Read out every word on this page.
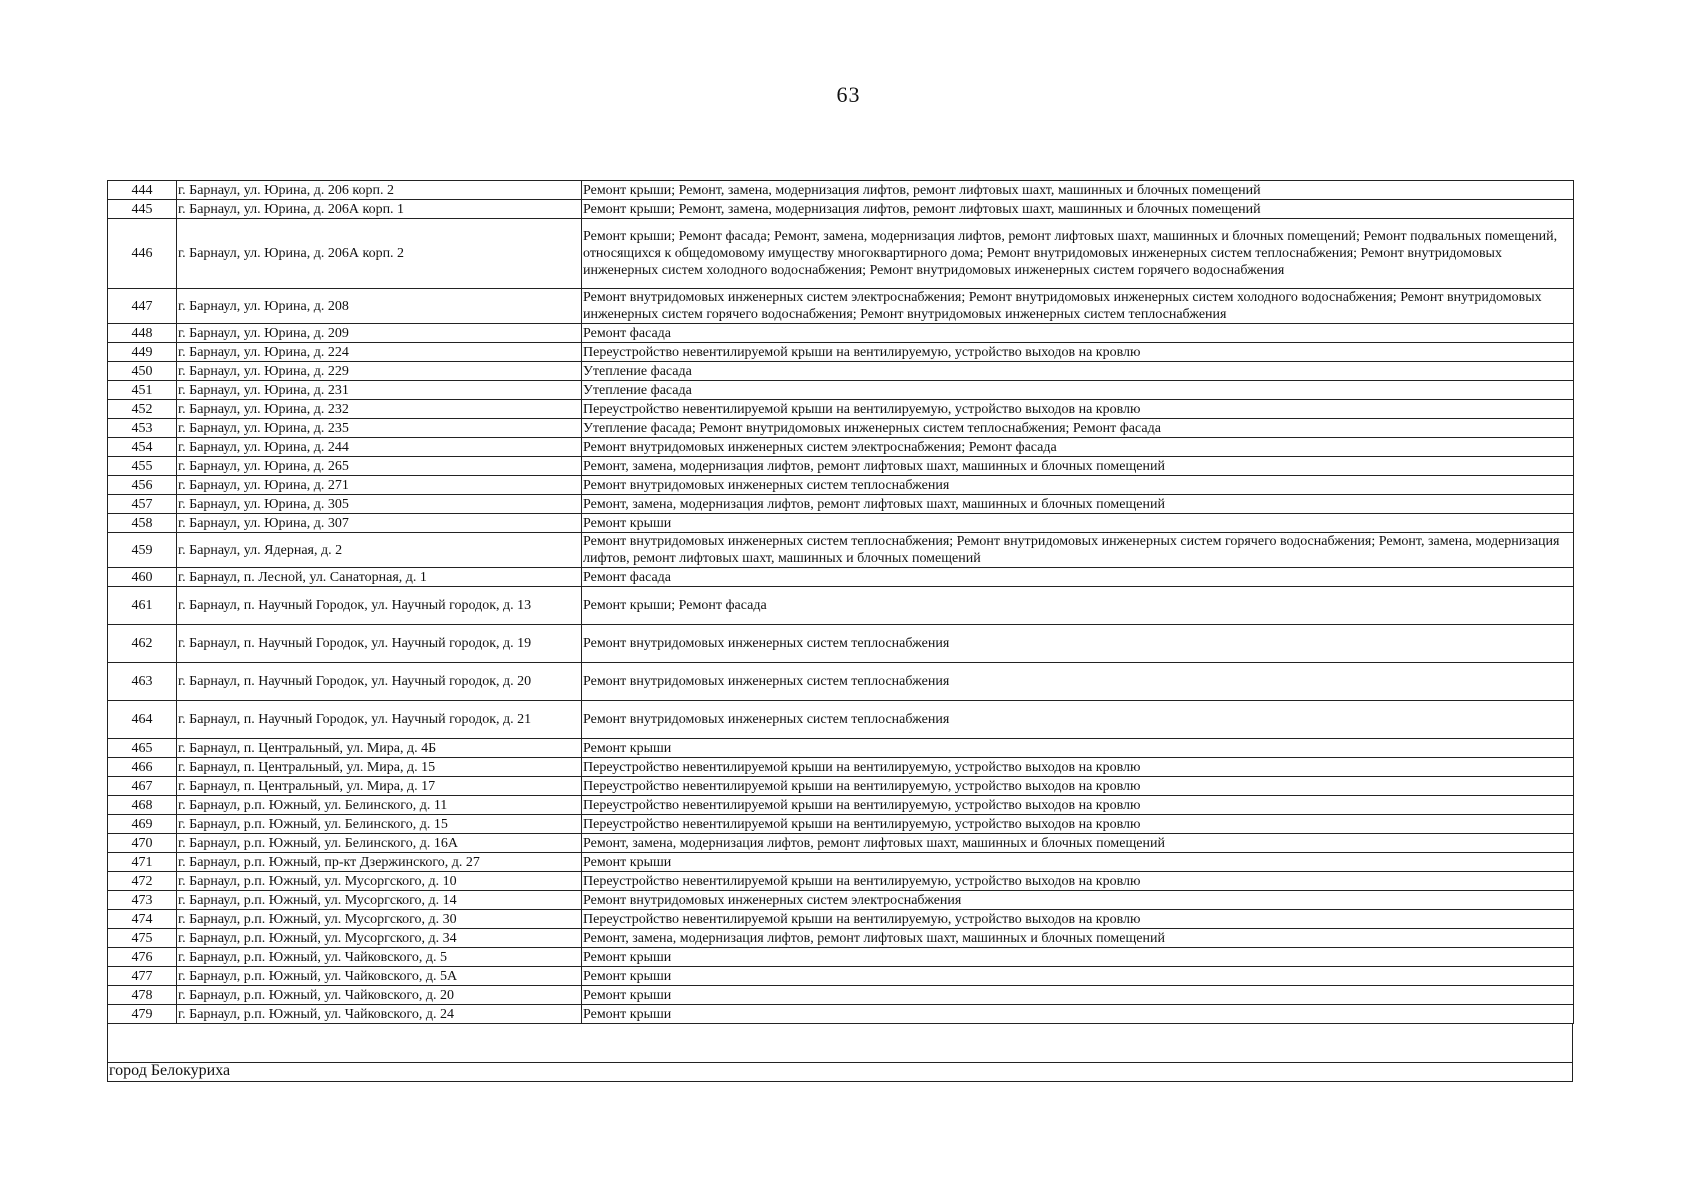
63
444	г. Барнаул, ул. Юрина, д. 206 корп. 2	Ремонт крыши; Ремонт, замена, модернизация лифтов, ремонт лифтовых шахт, машинных и блочных помещений
445	г. Барнаул, ул. Юрина, д. 206А корп. 1	Ремонт крыши; Ремонт, замена, модернизация лифтов, ремонт лифтовых шахт, машинных и блочных помещений
446	г. Барнаул, ул. Юрина, д. 206А корп. 2	Ремонт крыши; Ремонт фасада; Ремонт, замена, модернизация лифтов, ремонт лифтовых шахт, машинных и блочных помещений; Ремонт подвальных помещений, относящихся к общедомовому имуществу многоквартирного дома; Ремонт внутридомовых инженерных систем теплоснабжения; Ремонт внутридомовых инженерных систем холодного водоснабжения; Ремонт внутридомовых инженерных систем горячего водоснабжения
447	г. Барнаул, ул. Юрина, д. 208	Ремонт внутридомовых инженерных систем электроснабжения; Ремонт внутридомовых инженерных систем холодного водоснабжения; Ремонт внутридомовых инженерных систем горячего водоснабжения; Ремонт внутридомовых инженерных систем теплоснабжения
448	г. Барнаул, ул. Юрина, д. 209	Ремонт фасада
449	г. Барнаул, ул. Юрина, д. 224	Переустройство невентилируемой крыши на вентилируемую, устройство выходов на кровлю
450	г. Барнаул, ул. Юрина, д. 229	Утепление фасада
451	г. Барнаул, ул. Юрина, д. 231	Утепление фасада
452	г. Барнаул, ул. Юрина, д. 232	Переустройство невентилируемой крыши на вентилируемую, устройство выходов на кровлю
453	г. Барнаул, ул. Юрина, д. 235	Утепление фасада; Ремонт внутридомовых инженерных систем теплоснабжения; Ремонт фасада
454	г. Барнаул, ул. Юрина, д. 244	Ремонт внутридомовых инженерных систем электроснабжения; Ремонт фасада
455	г. Барнаул, ул. Юрина, д. 265	Ремонт, замена, модернизация лифтов, ремонт лифтовых шахт, машинных и блочных помещений
456	г. Барнаул, ул. Юрина, д. 271	Ремонт внутридомовых инженерных систем теплоснабжения
457	г. Барнаул, ул. Юрина, д. 305	Ремонт, замена, модернизация лифтов, ремонт лифтовых шахт, машинных и блочных помещений
458	г. Барнаул, ул. Юрина, д. 307	Ремонт крыши
459	г. Барнаул, ул. Ядерная, д. 2	Ремонт внутридомовых инженерных систем теплоснабжения; Ремонт внутридомовых инженерных систем горячего водоснабжения; Ремонт, замена, модернизация лифтов, ремонт лифтовых шахт, машинных и блочных помещений
460	г. Барнаул, п. Лесной, ул. Санаторная, д. 1	Ремонт фасада
461	г. Барнаул, п. Научный Городок, ул. Научный городок, д. 13	Ремонт крыши; Ремонт фасада
462	г. Барнаул, п. Научный Городок, ул. Научный городок, д. 19	Ремонт внутридомовых инженерных систем теплоснабжения
463	г. Барнаул, п. Научный Городок, ул. Научный городок, д. 20	Ремонт внутридомовых инженерных систем теплоснабжения
464	г. Барнаул, п. Научный Городок, ул. Научный городок, д. 21	Ремонт внутридомовых инженерных систем теплоснабжения
465	г. Барнаул, п. Центральный, ул. Мира, д. 4Б	Ремонт крыши
466	г. Барнаул, п. Центральный, ул. Мира, д. 15	Переустройство невентилируемой крыши на вентилируемую, устройство выходов на кровлю
467	г. Барнаул, п. Центральный, ул. Мира, д. 17	Переустройство невентилируемой крыши на вентилируемую, устройство выходов на кровлю
468	г. Барнаул, р.п. Южный, ул. Белинского, д. 11	Переустройство невентилируемой крыши на вентилируемую, устройство выходов на кровлю
469	г. Барнаул, р.п. Южный, ул. Белинского, д. 15	Переустройство невентилируемой крыши на вентилируемую, устройство выходов на кровлю
470	г. Барнаул, р.п. Южный, ул. Белинского, д. 16А	Ремонт, замена, модернизация лифтов, ремонт лифтовых шахт, машинных и блочных помещений
471	г. Барнаул, р.п. Южный, пр-кт Дзержинского, д. 27	Ремонт крыши
472	г. Барнаул, р.п. Южный, ул. Мусоргского, д. 10	Переустройство невентилируемой крыши на вентилируемую, устройство выходов на кровлю
473	г. Барнаул, р.п. Южный, ул. Мусоргского, д. 14	Ремонт внутридомовых инженерных систем электроснабжения
474	г. Барнаул, р.п. Южный, ул. Мусоргского, д. 30	Переустройство невентилируемой крыши на вентилируемую, устройство выходов на кровлю
475	г. Барнаул, р.п. Южный, ул. Мусоргского, д. 34	Ремонт, замена, модернизация лифтов, ремонт лифтовых шахт, машинных и блочных помещений
476	г. Барнаул, р.п. Южный, ул. Чайковского, д. 5	Ремонт крыши
477	г. Барнаул, р.п. Южный, ул. Чайковского, д. 5А	Ремонт крыши
478	г. Барнаул, р.п. Южный, ул. Чайковского, д. 20	Ремонт крыши
479	г. Барнаул, р.п. Южный, ул. Чайковского, д. 24	Ремонт крыши
город Белокуриха
